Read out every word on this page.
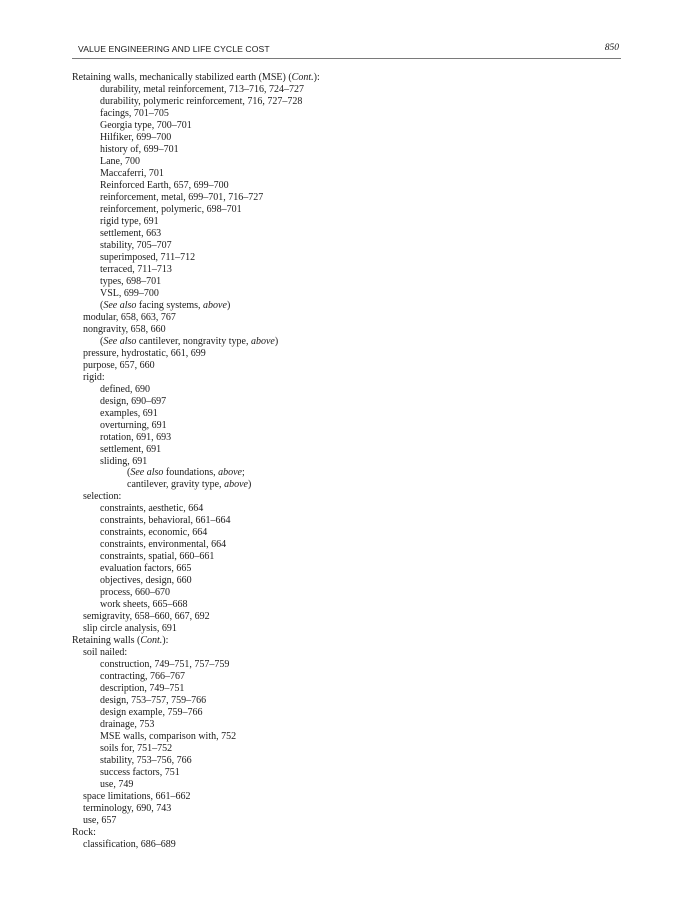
VALUE ENGINEERING AND LIFE CYCLE COST	850
Retaining walls, mechanically stabilized earth (MSE) (Cont.):
durability, metal reinforcement, 713–716, 724–727
durability, polymeric reinforcement, 716, 727–728
facings, 701–705
Georgia type, 700–701
Hilfiker, 699–700
history of, 699–701
Lane, 700
Maccaferri, 701
Reinforced Earth, 657, 699–700
reinforcement, metal, 699–701, 716–727
reinforcement, polymeric, 698–701
rigid type, 691
settlement, 663
stability, 705–707
superimposed, 711–712
terraced, 711–713
types, 698–701
VSL, 699–700
(See also facing systems, above)
modular, 658, 663, 767
nongravity, 658, 660
(See also cantilever, nongravity type, above)
pressure, hydrostatic, 661, 699
purpose, 657, 660
rigid:
defined, 690
design, 690–697
examples, 691
overturning, 691
rotation, 691, 693
settlement, 691
sliding, 691
(See also foundations, above;
cantilever, gravity type, above)
selection:
constraints, aesthetic, 664
constraints, behavioral, 661–664
constraints, economic, 664
constraints, environmental, 664
constraints, spatial, 660–661
evaluation factors, 665
objectives, design, 660
process, 660–670
work sheets, 665–668
semigravity, 658–660, 667, 692
slip circle analysis, 691
Retaining walls (Cont.):
soil nailed:
construction, 749–751, 757–759
contracting, 766–767
description, 749–751
design, 753–757, 759–766
design example, 759–766
drainage, 753
MSE walls, comparison with, 752
soils for, 751–752
stability, 753–756, 766
success factors, 751
use, 749
space limitations, 661–662
terminology, 690, 743
use, 657
Rock:
classification, 686–689
